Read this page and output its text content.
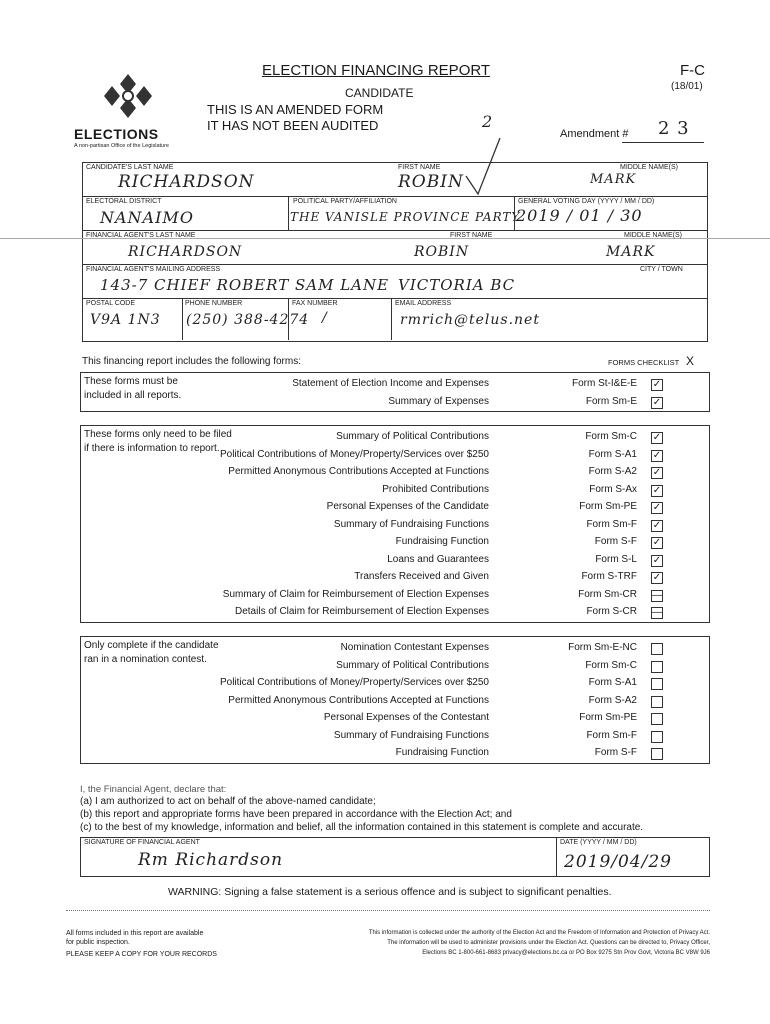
ELECTIONS
A non-partisan Office of the Legislature
ELECTION FINANCING REPORT
CANDIDATE
F-C
(18/01)
THIS IS AN AMENDED FORM
IT HAS NOT BEEN AUDITED	2
Amendment # 2 3
CANDIDATE'S LAST NAME	FIRST NAME	MIDDLE NAME(S)
RICHARDSON	ROBIN	MARK
ELECTORAL DISTRICT	POLITICAL PARTY/AFFILIATION	GENERAL VOTING DAY (YYYY / MM / DD)
NANAIMO	THE VANISLE PROVINCE PARTY
2019 / 01 / 30
FINANCIAL AGENT'S LAST NAME	FIRST NAME	MIDDLE NAME(S)
RICHARDSON	ROBIN	MARK
FINANCIAL AGENT'S MAILING ADDRESS	CITY / TOWN
143-7 CHIEF ROBERT SAM LANE VICTORIA BC
POSTAL CODE	PHONE NUMBER	FAX NUMBER	EMAIL ADDRESS
V9A 1N3 (250) 388-4274 /	rmrich@telus.net
This financing report includes the following forms:	FORMS CHECKLIST X
These forms must be
included in all reports.
Statement of Election Income and Expenses	Form St-I&E-E ✓
Summary of Expenses	Form Sm-E ✓
These forms only need to be filed
if there is information to report.
Summary of Political Contributions	Form Sm-C ✓
Political Contributions of Money/Property/Services over $250	Form S-A1 ✓
Permitted Anonymous Contributions Accepted at Functions	Form S-A2 ✓
Prohibited Contributions	Form S-Ax ✓
Personal Expenses of the Candidate	Form Sm-PE ✓
Summary of Fundraising Functions	Form Sm-F ✓
Fundraising Function	Form S-F ✓
Loans and Guarantees	Form S-L ✓
Transfers Received and Given	Form S-TRF ✓
Summary of Claim for Reimbursement of Election Expenses	Form Sm-CR —
Details of Claim for Reimbursement of Election Expenses	Form S-CR —
Only complete if the candidate
ran in a nomination contest.
Nomination Contestant Expenses	Form Sm-E-NC
Summary of Political Contributions	Form Sm-C
Political Contributions of Money/Property/Services over $250	Form S-A1
Permitted Anonymous Contributions Accepted at Functions	Form S-A2
Personal Expenses of the Contestant	Form Sm-PE
Summary of Fundraising Functions	Form Sm-F
Fundraising Function	Form S-F
I, the Financial Agent, declare that:
(a) I am authorized to act on behalf of the above-named candidate;
(b) this report and appropriate forms have been prepared in accordance with the Election Act; and
(c) to the best of my knowledge, information and belief, all the information contained in this statement is complete and accurate.
SIGNATURE OF FINANCIAL AGENT	DATE (YYYY / MM / DD)
Rm Richardson	2019/04/29
WARNING: Signing a false statement is a serious offence and is subject to significant penalties.
All forms included in this report are available
for public inspection.
PLEASE KEEP A COPY FOR YOUR RECORDS
This information is collected under the authority of the Election Act and the Freedom of Information and Protection of Privacy Act.
The information will be used to administer provisions under the Election Act. Questions can be directed to, Privacy Officer,
Elections BC 1-800-661-8683 privacy@elections.bc.ca or PO Box 9275 Stn Prov Govt, Victoria BC V8W 9J6
